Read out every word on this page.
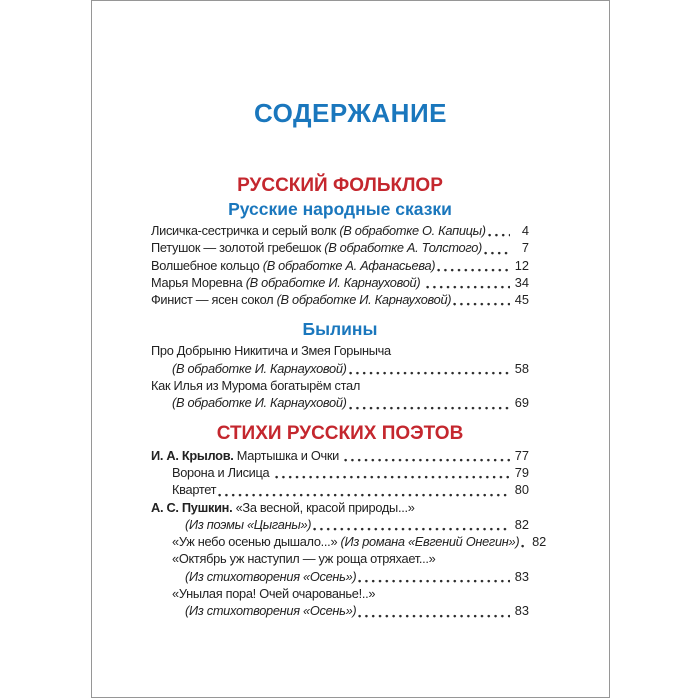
СОДЕРЖАНИЕ
РУССКИЙ ФОЛЬКЛОР
Русские народные сказки
Лисичка-сестричка и серый волк (В обработке О. Капицы)	4
Петушок — золотой гребешок (В обработке А. Толстого)	7
Волшебное кольцо (В обработке А. Афанасьева)	12
Марья Моревна (В обработке И. Карнауховой)	34
Финист — ясен сокол (В обработке И. Карнауховой)	45
Былины
Про Добрыню Никитича и Змея Горыныча
(В обработке И. Карнауховой)	58
Как Илья из Мурома богатырём стал
(В обработке И. Карнауховой)	69
СТИХИ РУССКИХ ПОЭТОВ
И. А. Крылов. Мартышка и Очки	77
Ворона и Лисица	79
Квартет	80
А. С. Пушкин. «За весной, красой природы...»
(Из поэмы «Цыганы»)	82
«Уж небо осенью дышало...» (Из романа «Евгений Онегин») 82
«Октябрь уж наступил — уж роща отряхает...»
(Из стихотворения «Осень»)	83
«Унылая пора! Очей очарованье!..»
(Из стихотворения «Осень»)	83
